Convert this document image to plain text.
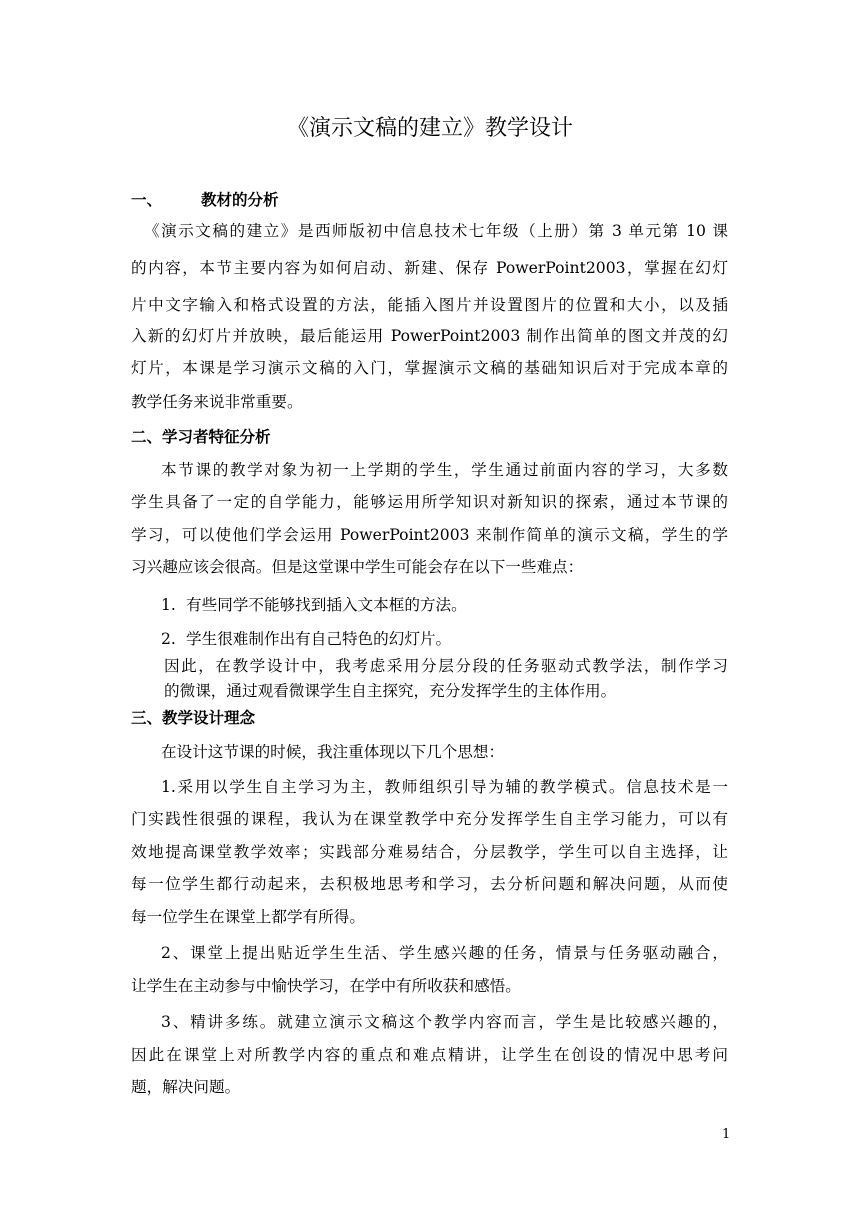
《演示文稿的建立》教学设计
一、	教材的分析
《演示文稿的建立》是西师版初中信息技术七年级（上册）第 3 单元第 10 课
的内容，本节主要内容为如何启动、新建、保存 PowerPoint2003，掌握在幻灯
片中文字输入和格式设置的方法，能插入图片并设置图片的位置和大小，以及插
入新的幻灯片并放映，最后能运用 PowerPoint2003 制作出简单的图文并茂的幻
灯片，本课是学习演示文稿的入门，掌握演示文稿的基础知识后对于完成本章的
教学任务来说非常重要。
二、学习者特征分析
本节课的教学对象为初一上学期的学生，学生通过前面内容的学习，大多数
学生具备了一定的自学能力，能够运用所学知识对新知识的探索，通过本节课的
学习，可以使他们学会运用 PowerPoint2003 来制作简单的演示文稿，学生的学
习兴趣应该会很高。但是这堂课中学生可能会存在以下一些难点：
1. 有些同学不能够找到插入文本框的方法。
2. 学生很难制作出有自己特色的幻灯片。
因此，在教学设计中，我考虑采用分层分段的任务驱动式教学法，制作学习
的微课，通过观看微课学生自主探究，充分发挥学生的主体作用。
三、教学设计理念
在设计这节课的时候，我注重体现以下几个思想：
1.采用以学生自主学习为主，教师组织引导为辅的教学模式。信息技术是一
门实践性很强的课程，我认为在课堂教学中充分发挥学生自主学习能力，可以有
效地提高课堂教学效率；实践部分难易结合，分层教学，学生可以自主选择，让
每一位学生都行动起来，去积极地思考和学习，去分析问题和解决问题，从而使
每一位学生在课堂上都学有所得。
2、课堂上提出贴近学生生活、学生感兴趣的任务，情景与任务驱动融合，
让学生在主动参与中愉快学习，在学中有所收获和感悟。
3、精讲多练。就建立演示文稿这个教学内容而言，学生是比较感兴趣的，
因此在课堂上对所教学内容的重点和难点精讲，让学生在创设的情况中思考问
题，解决问题。
1
